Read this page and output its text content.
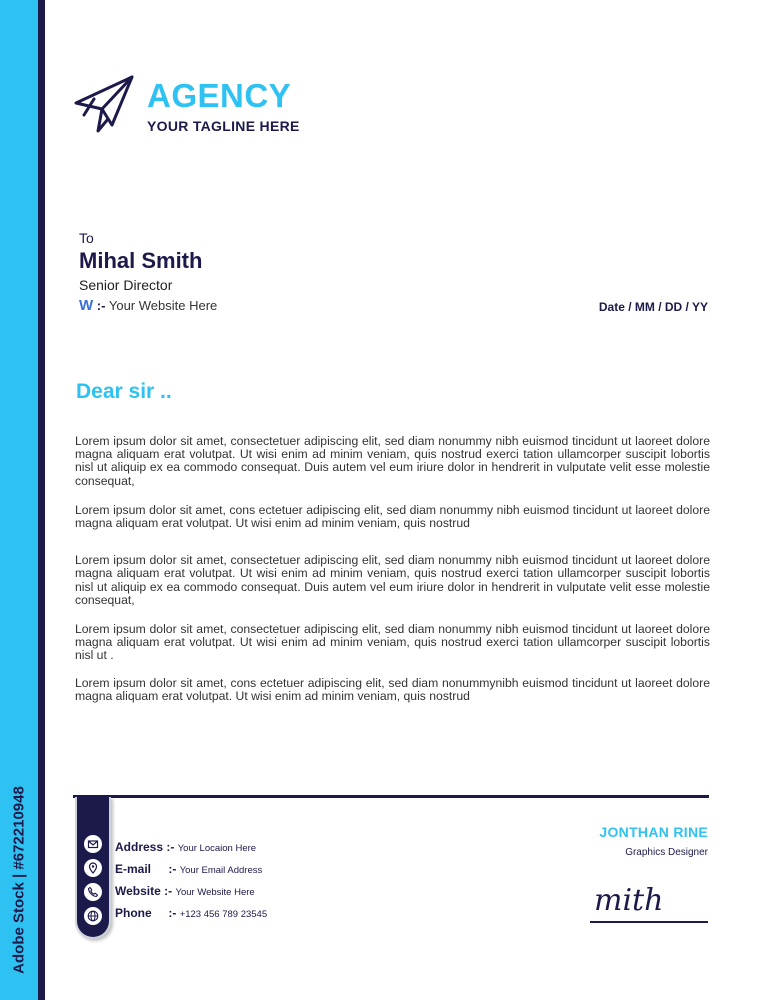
Adobe Stock | #672210948
AGENCY
YOUR TAGLINE HERE
To
Mihal Smith
Senior Director
W :- Your Website Here	Date / MM / DD / YY
Dear sir ..

Lorem ipsum dolor sit amet, consectetuer adipiscing elit, sed diam nonummy nibh euismod tincidunt ut laoreet dolore magna aliquam erat volutpat. Ut wisi enim ad minim veniam, quis nostrud exerci tation ullamcorper suscipit lobortis nisl ut aliquip ex ea commodo consequat. Duis autem vel eum iriure dolor in hendrerit in vulputate velit esse molestie consequat,

Lorem ipsum dolor sit amet, cons ectetuer adipiscing elit, sed diam nonummy nibh euismod tincidunt ut laoreet dolore magna aliquam erat volutpat. Ut wisi enim ad minim veniam, quis nostrud

Lorem ipsum dolor sit amet, consectetuer adipiscing elit, sed diam nonummy nibh euismod tincidunt ut laoreet dolore magna aliquam erat volutpat. Ut wisi enim ad minim veniam, quis nostrud exerci tation ullamcorper suscipit lobortis nisl ut aliquip ex ea commodo consequat. Duis autem vel eum iriure dolor in hendrerit in vulputate velit esse molestie consequat,

Lorem ipsum dolor sit amet, consectetuer adipiscing elit, sed diam nonummy nibh euismod tincidunt ut laoreet dolore magna aliquam erat volutpat. Ut wisi enim ad minim veniam, quis nostrud exerci tation ullamcorper suscipit lobortis nisl ut .

Lorem ipsum dolor sit amet, cons ectetuer adipiscing elit, sed diam nonummynibh euismod tincidunt ut laoreet dolore magna aliquam erat volutpat. Ut wisi enim ad minim veniam, quis nostrud

Address :- Your Locaion Here
E-mail :- Your Email Address
Website :- Your Website Here
Phone :- +123 456 789 23545
JONTHAN RINE
Graphics Designer
mith
